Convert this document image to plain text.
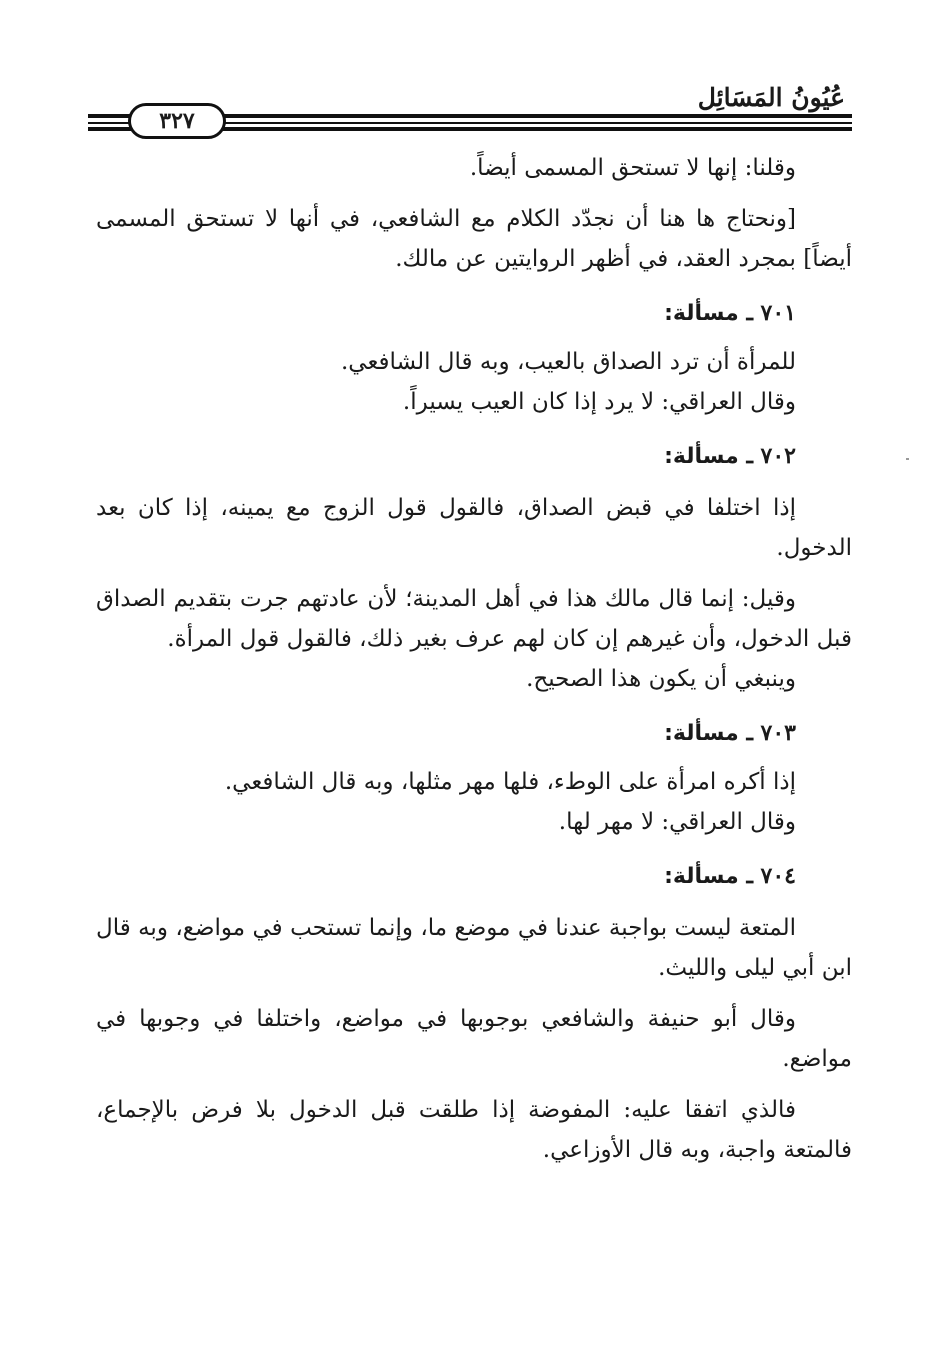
عُيُونُ المَسَائِل
٣٢٧

وقلنا: إنها لا تستحق المسمى أيضاً.

[ونحتاج ها هنا أن نجدّد الكلام مع الشافعي، في أنها لا تستحق المسمى أيضاً] بمجرد العقد، في أظهر الروايتين عن مالك.

٧٠١ ـ مسألة:

للمرأة أن ترد الصداق بالعيب، وبه قال الشافعي.

وقال العراقي: لا يرد إذا كان العيب يسيراً.

٧٠٢ ـ مسألة:

إذا اختلفا في قبض الصداق، فالقول قول الزوج مع يمينه، إذا كان بعد الدخول.

وقيل: إنما قال مالك هذا في أهل المدينة؛ لأن عادتهم جرت بتقديم الصداق قبل الدخول، وأن غيرهم إن كان لهم عرف بغير ذلك، فالقول قول المرأة.

وينبغي أن يكون هذا الصحيح.

٧٠٣ ـ مسألة:

إذا أكره امرأة على الوطء، فلها مهر مثلها، وبه قال الشافعي.

وقال العراقي: لا مهر لها.

٧٠٤ ـ مسألة:

المتعة ليست بواجبة عندنا في موضع ما، وإنما تستحب في مواضع، وبه قال ابن أبي ليلى والليث.

وقال أبو حنيفة والشافعي بوجوبها في مواضع، واختلفا في وجوبها في مواضع.

فالذي اتفقا عليه: المفوضة إذا طلقت قبل الدخول بلا فرض بالإجماع، فالمتعة واجبة، وبه قال الأوزاعي.
